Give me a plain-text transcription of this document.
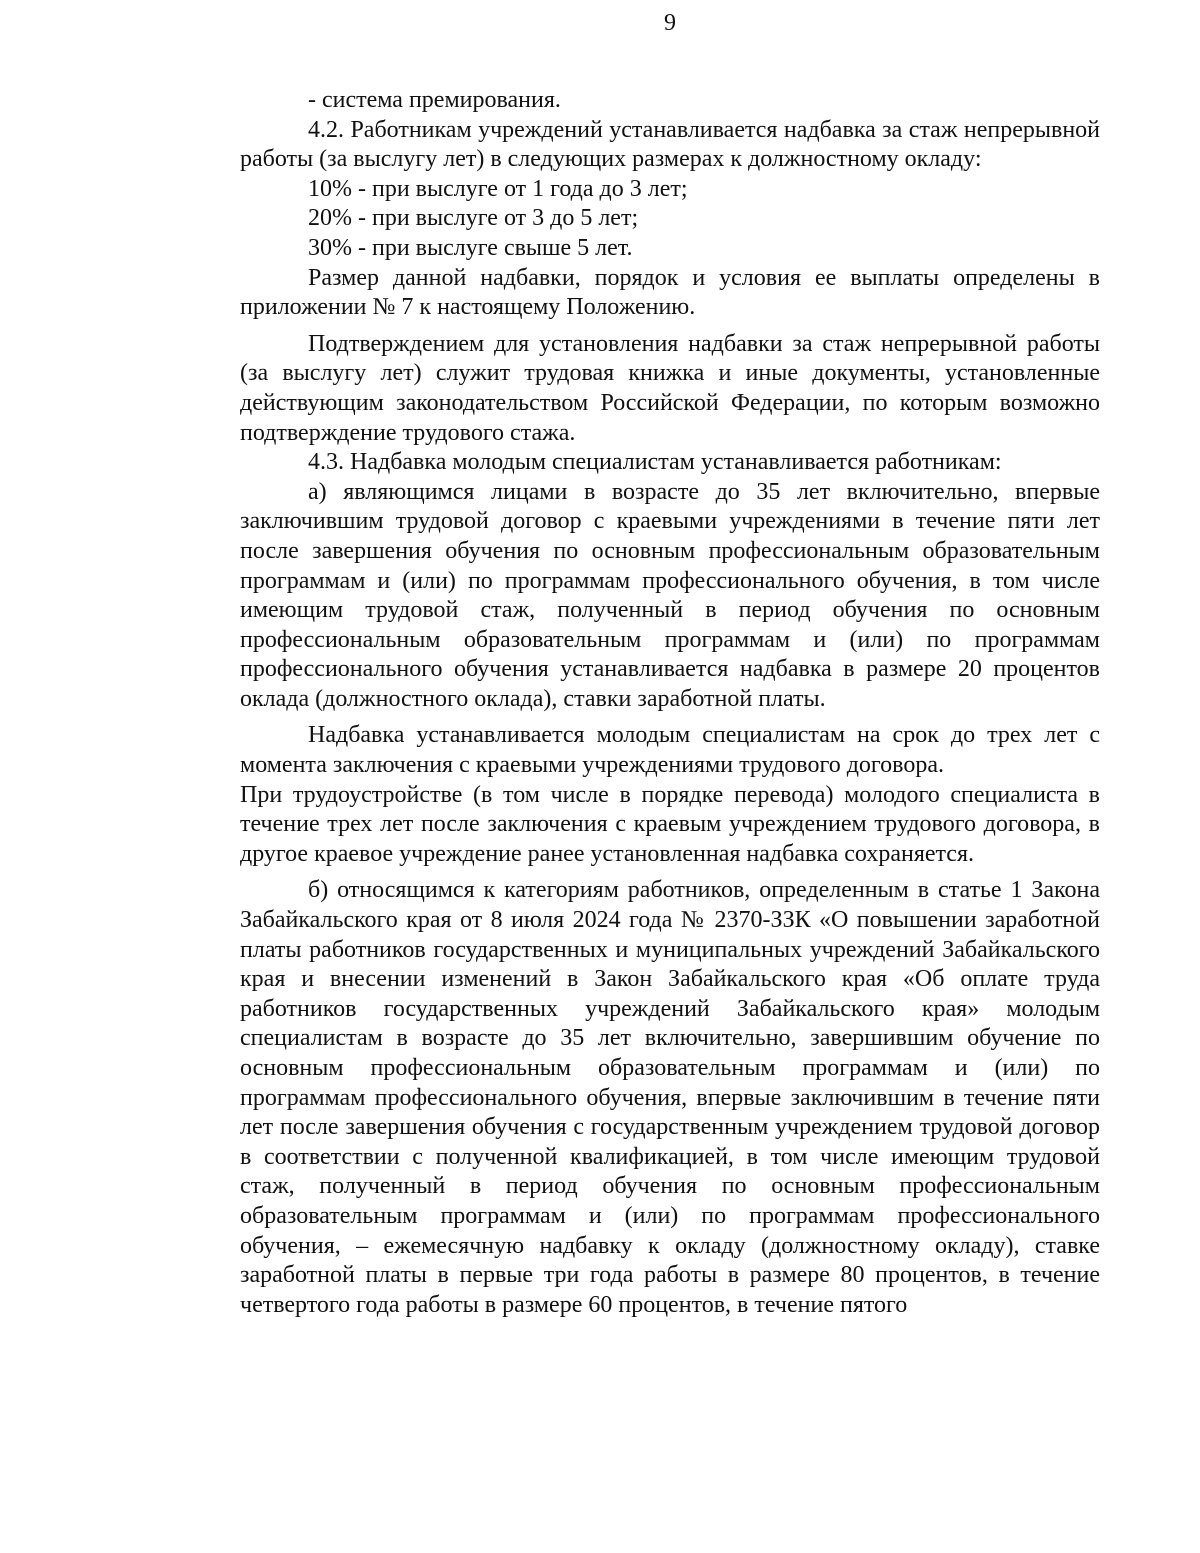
9

- система премирования.

4.2. Работникам учреждений устанавливается надбавка за стаж непрерывной работы (за выслугу лет) в следующих размерах к должностному окладу:

10% - при выслуге от 1 года до 3 лет;

20% - при выслуге от 3 до 5 лет;

30% - при выслуге свыше 5 лет.

Размер данной надбавки, порядок и условия ее выплаты определены в приложении № 7 к настоящему Положению.

Подтверждением для установления надбавки за стаж непрерывной работы (за выслугу лет) служит трудовая книжка и иные документы, установленные действующим законодательством Российской Федерации, по которым возможно подтверждение трудового стажа.

4.3. Надбавка молодым специалистам устанавливается работникам:

а) являющимся лицами в возрасте до 35 лет включительно, впервые заключившим трудовой договор с краевыми учреждениями в течение пяти лет после завершения обучения по основным профессиональным образовательным программам и (или) по программам профессионального обучения, в том числе имеющим трудовой стаж, полученный в период обучения по основным профессиональным образовательным программам и (или) по программам профессионального обучения устанавливается надбавка в размере 20 процентов оклада (должностного оклада), ставки заработной платы.

Надбавка устанавливается молодым специалистам на срок до трех лет с момента заключения с краевыми учреждениями трудового договора.

При трудоустройстве (в том числе в порядке перевода) молодого специалиста в течение трех лет после заключения с краевым учреждением трудового договора, в другое краевое учреждение ранее установленная надбавка сохраняется.

б) относящимся к категориям работников, определенным в статье 1 Закона Забайкальского края от 8 июля 2024 года № 2370-ЗЗК «О повышении заработной платы работников государственных и муниципальных учреждений Забайкальского края и внесении изменений в Закон Забайкальского края «Об оплате труда работников государственных учреждений Забайкальского края» молодым специалистам в возрасте до 35 лет включительно, завершившим обучение по основным профессиональным образовательным программам и (или) по программам профессионального обучения, впервые заключившим в течение пяти лет после завершения обучения с государственным учреждением трудовой договор в соответствии с полученной квалификацией, в том числе имеющим трудовой стаж, полученный в период обучения по основным профессиональным образовательным программам и (или) по программам профессионального обучения, – ежемесячную надбавку к окладу (должностному окладу), ставке заработной платы в первые три года работы в размере 80 процентов, в течение четвертого года работы в размере 60 процентов, в течение пятого
